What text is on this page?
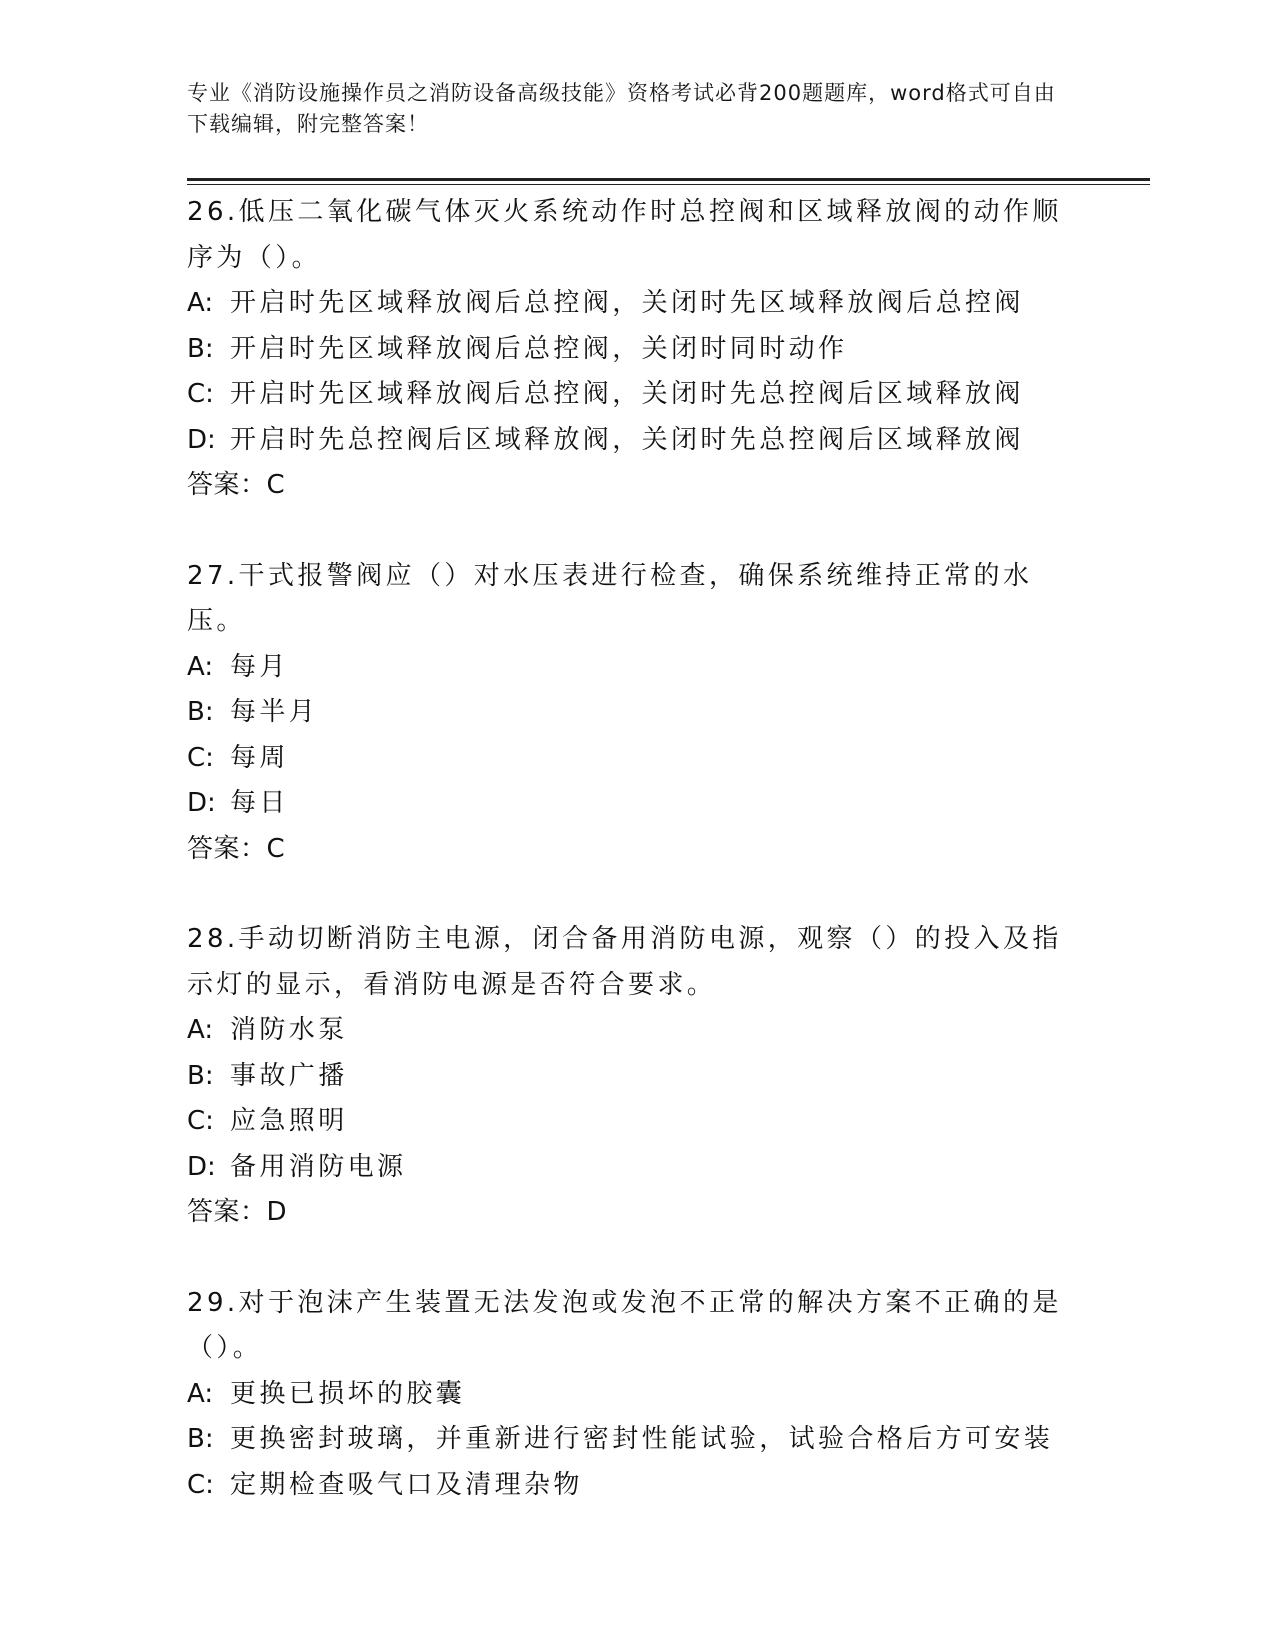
专业《消防设施操作员之消防设备高级技能》资格考试必背200题题库，word格式可自由下载编辑，附完整答案！
26.低压二氧化碳气体灭火系统动作时总控阀和区域释放阀的动作顺序为（）。
A: 开启时先区域释放阀后总控阀，关闭时先区域释放阀后总控阀
B: 开启时先区域释放阀后总控阀，关闭时同时动作
C: 开启时先区域释放阀后总控阀，关闭时先总控阀后区域释放阀
D: 开启时先总控阀后区域释放阀，关闭时先总控阀后区域释放阀
答案：C
27.干式报警阀应（）对水压表进行检查，确保系统维持正常的水压。
A: 每月
B: 每半月
C: 每周
D: 每日
答案：C
28.手动切断消防主电源，闭合备用消防电源，观察（）的投入及指示灯的显示，看消防电源是否符合要求。
A: 消防水泵
B: 事故广播
C: 应急照明
D: 备用消防电源
答案：D
29.对于泡沫产生装置无法发泡或发泡不正常的解决方案不正确的是（）。
A: 更换已损坏的胶囊
B: 更换密封玻璃，并重新进行密封性能试验，试验合格后方可安装
C: 定期检查吸气口及清理杂物
